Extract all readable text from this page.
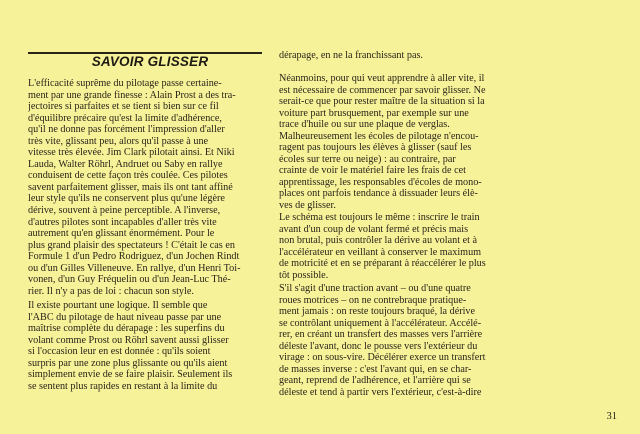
SAVOIR GLISSER
L'efficacité suprême du pilotage passe certaine-
ment par une grande finesse : Alain Prost a des tra-
jectoires si parfaites et se tient si bien sur ce fil
d'équilibre précaire qu'est la limite d'adhérence,
qu'il ne donne pas forcément l'impression d'aller
très vite, glissant peu, alors qu'il passe à une
vitesse très élevée. Jim Clark pilotait ainsi. Et Niki
Lauda, Walter Röhrl, Andruet ou Saby en rallye
conduisent de cette façon très coulée. Ces pilotes
savent parfaitement glisser, mais ils ont tant affiné
leur style qu'ils ne conservent plus qu'une légère
dérive, souvent à peine perceptible. A l'inverse,
d'autres pilotes sont incapables d'aller très vite
autrement qu'en glissant énormément. Pour le
plus grand plaisir des spectateurs ! C'était le cas en
Formule 1 d'un Pedro Rodriguez, d'un Jochen Rindt
ou d'un Gilles Villeneuve. En rallye, d'un Henri Toi-
vonen, d'un Guy Fréquelin ou d'un Jean-Luc Thé-
rier. Il n'y a pas de loi : chacun son style.
Il existe pourtant une logique. Il semble que
l'ABC du pilotage de haut niveau passe par une
maîtrise complète du dérapage : les superfins du
volant comme Prost ou Röhrl savent aussi glisser
si l'occasion leur en est donnée : qu'ils soient
surpris par une zone plus glissante ou qu'ils aient
simplement envie de se faire plaisir. Seulement ils
se sentent plus rapides en restant à la limite du
dérapage, en ne la franchissant pas.
Néanmoins, pour qui veut apprendre à aller vite, il
est nécessaire de commencer par savoir glisser. Ne
serait-ce que pour rester maître de la situation si la
voiture part brusquement, par exemple sur une
trace d'huile ou sur une plaque de verglas.
Malheureusement les écoles de pilotage n'encou-
ragent pas toujours les élèves à glisser (sauf les
écoles sur terre ou neige) : au contraire, par
crainte de voir le matériel faire les frais de cet
apprentissage, les responsables d'écoles de mono-
places ont parfois tendance à dissuader leurs élè-
ves de glisser.
Le schéma est toujours le même : inscrire le train
avant d'un coup de volant fermé et précis mais
non brutal, puis contrôler la dérive au volant et à
l'accélérateur en veillant à conserver le maximum
de motricité et en se préparant à réaccélérer le plus
tôt possible.
S'il s'agit d'une traction avant – ou d'une quatre
roues motrices – on ne contrebraque pratique-
ment jamais : on reste toujours braqué, la dérive
se contrôlant uniquement à l'accélérateur. Accélé-
rer, en créant un transfert des masses vers l'arrière
déleste l'avant, donc le pousse vers l'extérieur du
virage : on sous-vire. Décélérer exerce un transfert
de masses inverse : c'est l'avant qui, en se char-
geant, reprend de l'adhérence, et l'arrière qui se
déleste et tend à partir vers l'extérieur, c'est-à-dire
31
